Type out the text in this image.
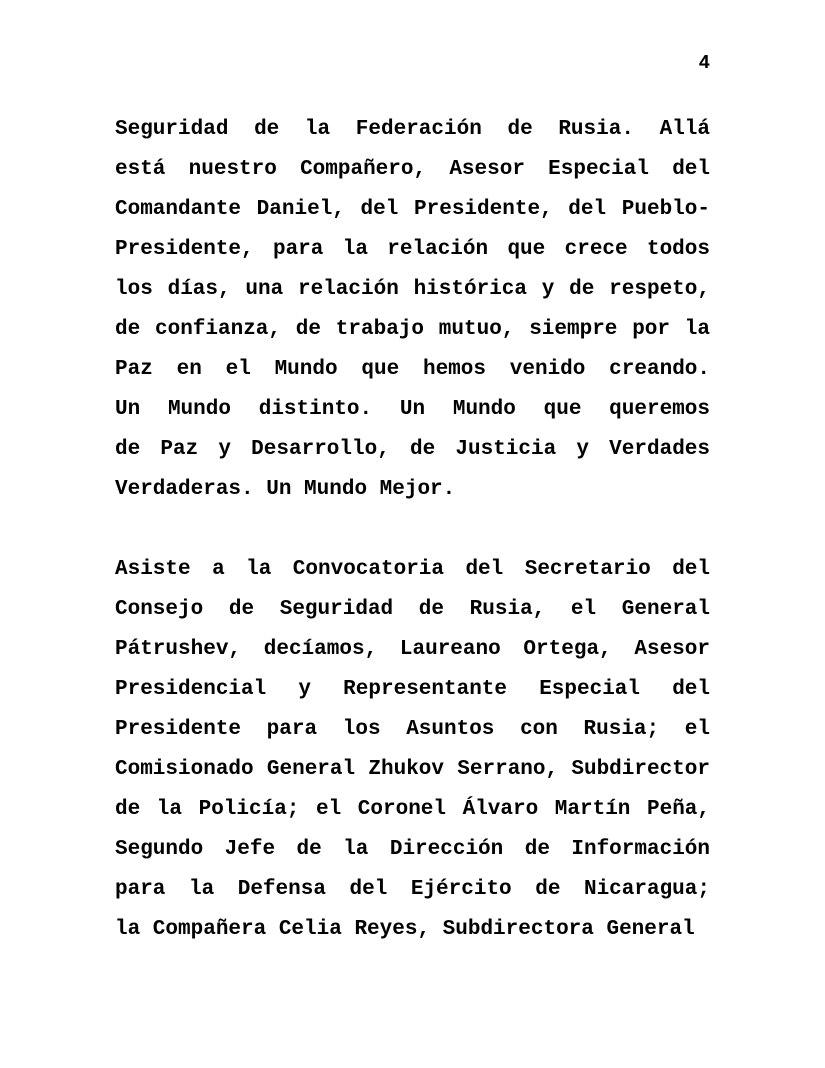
4
Seguridad de la Federación de Rusia. Allá
está nuestro Compañero, Asesor Especial del
Comandante Daniel, del Presidente, del Pueblo-
Presidente, para la relación que crece todos
los días, una relación histórica y de respeto,
de confianza, de trabajo mutuo, siempre por la
Paz en el Mundo que hemos venido creando.
Un Mundo distinto. Un Mundo que queremos
de Paz y Desarrollo, de Justicia y Verdades
Verdaderas. Un Mundo Mejor.
Asiste a la Convocatoria del Secretario del
Consejo de Seguridad de Rusia, el General
Pátrushev, decíamos, Laureano Ortega, Asesor
Presidencial y Representante Especial del
Presidente para los Asuntos con Rusia; el
Comisionado General Zhukov Serrano, Subdirector
de la Policía; el Coronel Álvaro Martín Peña,
Segundo Jefe de la Dirección de Información
para la Defensa del Ejército de Nicaragua;
la Compañera Celia Reyes, Subdirectora General
